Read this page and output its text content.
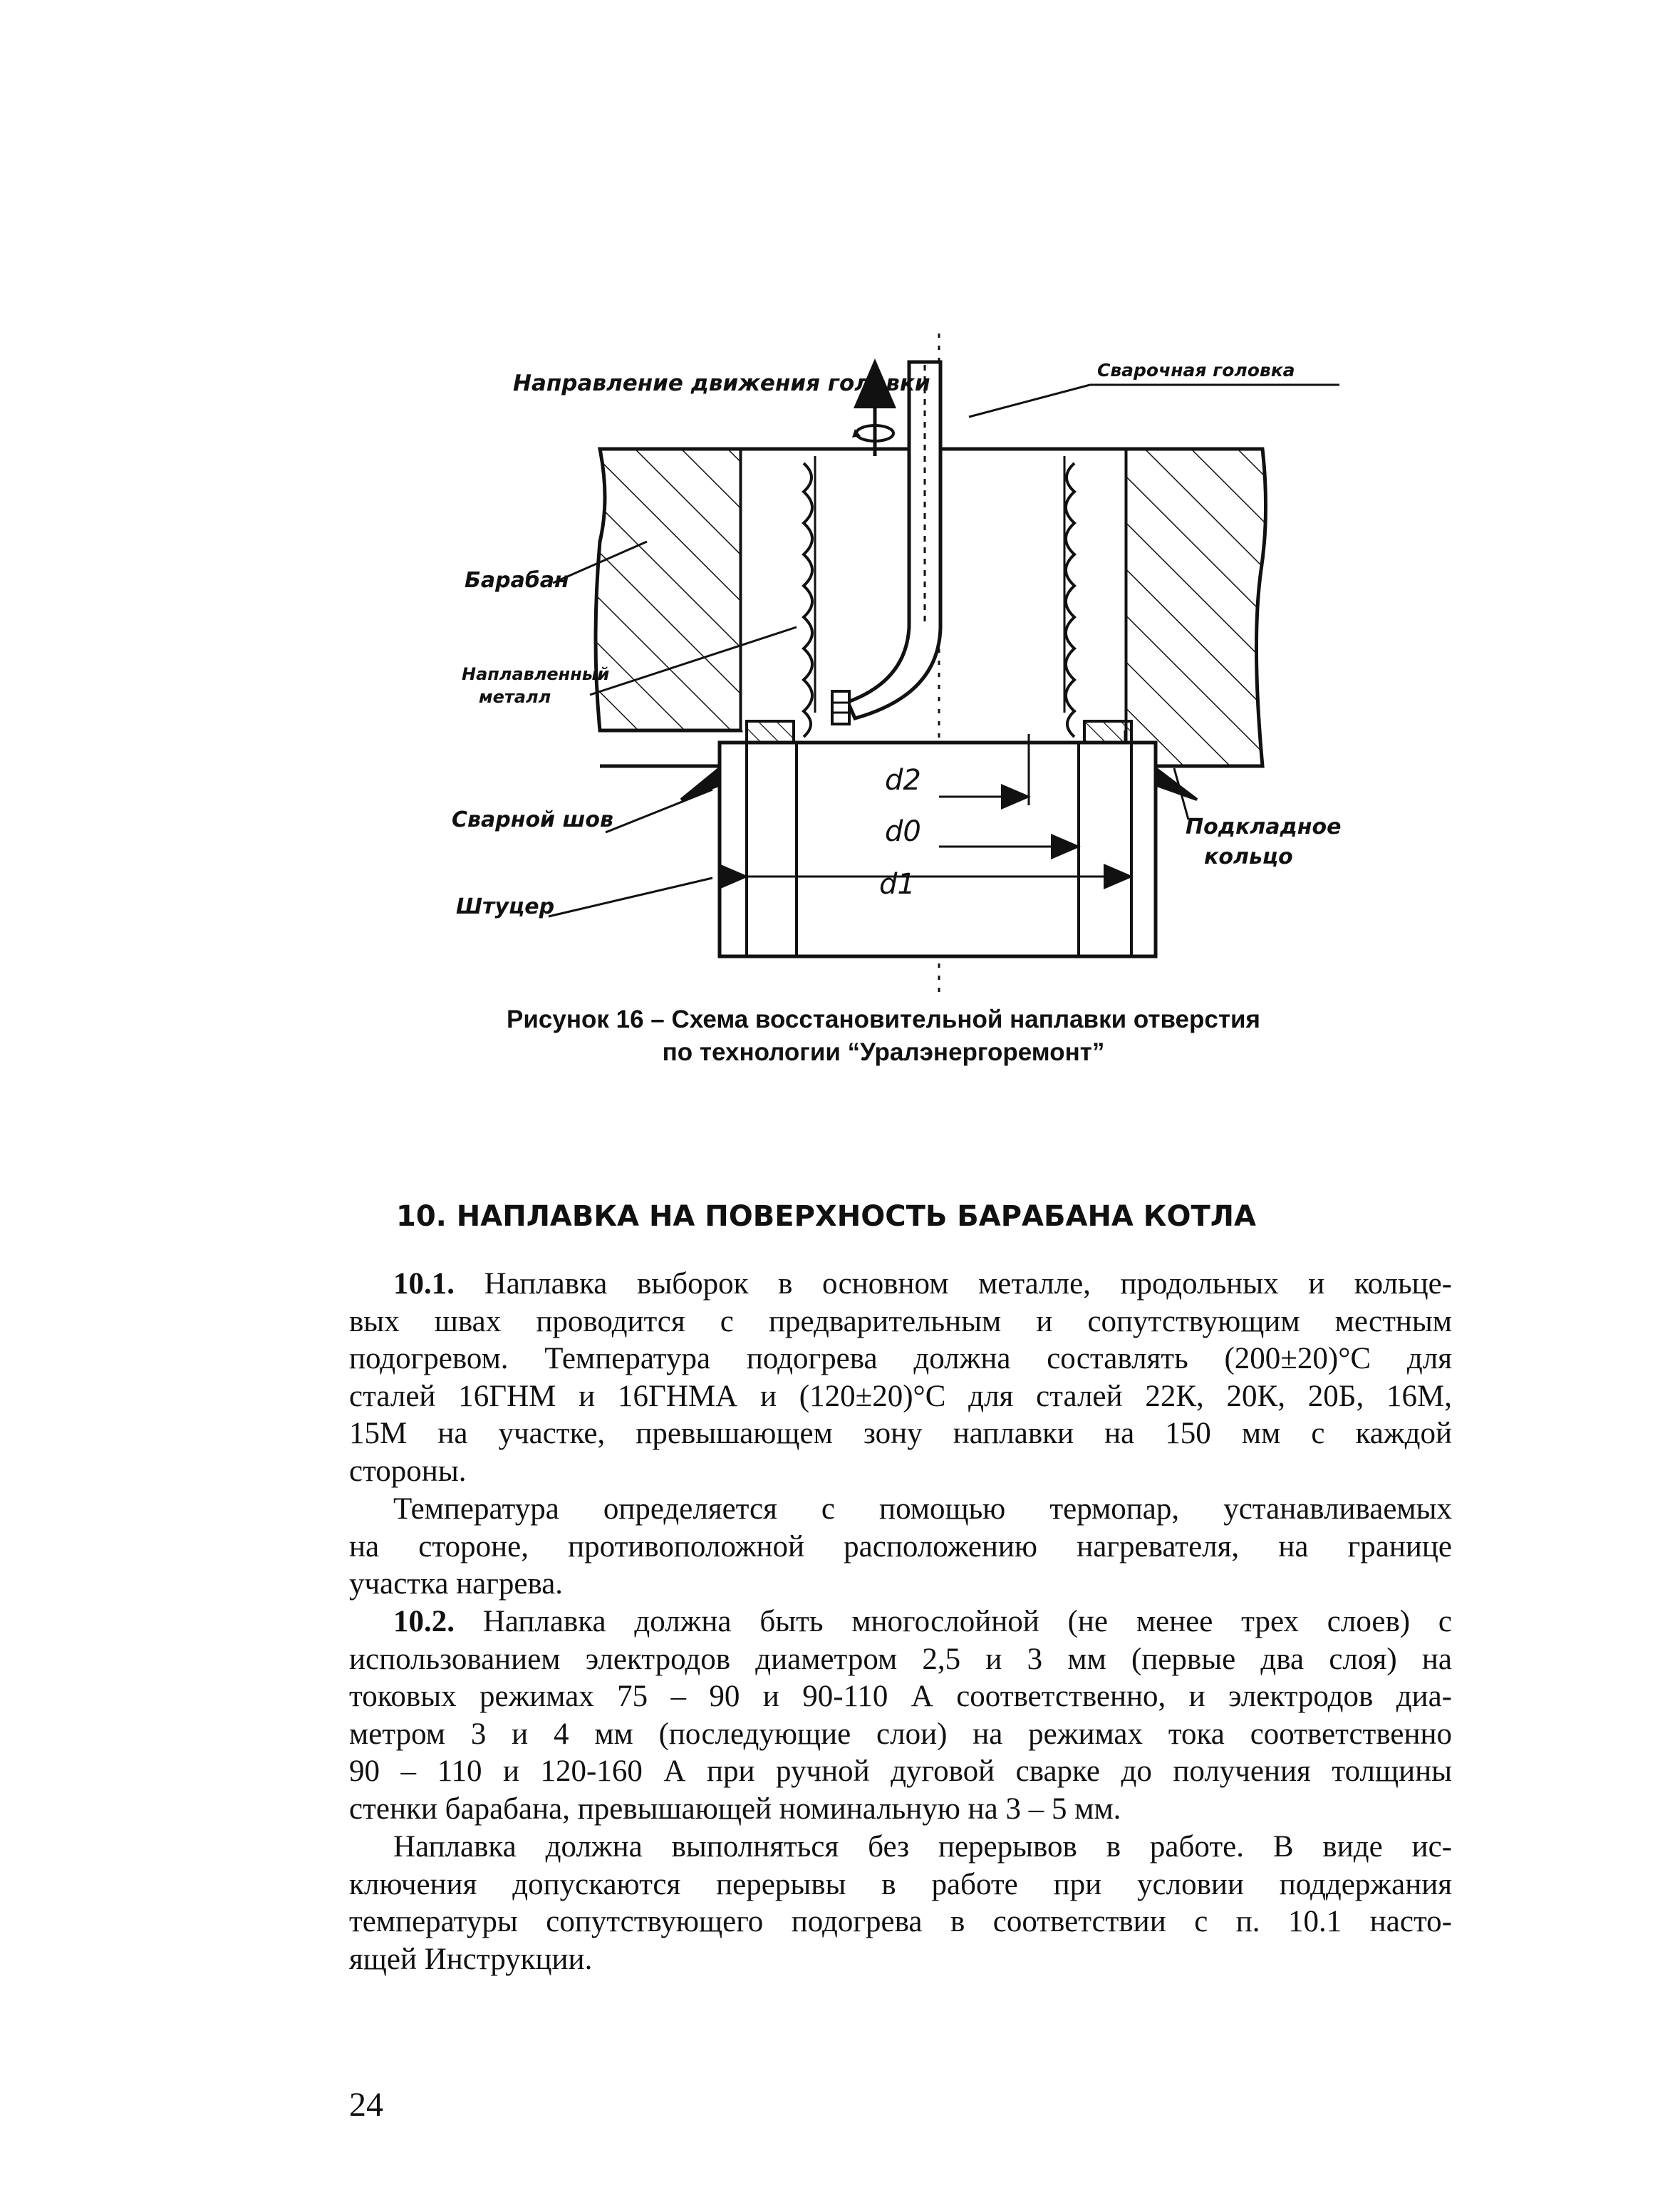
Направление движения головки
Сварочная головка
Барабан
Наплавленный
металл
Сварной шов	Подкладное
кольцо
Штуцер
d2
d0
d1
Рисунок 16 – Схема восстановительной наплавки отверстия
по технологии “Уралэнергоремонт”
10. НАПЛАВКА НА ПОВЕРХНОСТЬ БАРАБАНА КОТЛА

10.1. Наплавка выборок в основном металле, продольных и кольце-
вых швах проводится с предварительным и сопутствующим местным
подогревом. Температура подогрева должна составлять (200±20)°С для
сталей 16ГНМ и 16ГНМА и (120±20)°С для сталей 22К, 20К, 20Б, 16М,
15М на участке, превышающем зону наплавки на 150 мм с каждой
стороны.

Температура определяется с помощью термопар, устанавливаемых
на стороне, противоположной расположению нагревателя, на границе
участка нагрева.

10.2. Наплавка должна быть многослойной (не менее трех слоев) с
использованием электродов диаметром 2,5 и 3 мм (первые два слоя) на
токовых режимах 75 – 90 и 90-110 А соответственно, и электродов диа-
метром 3 и 4 мм (последующие слои) на режимах тока соответственно
90 – 110 и 120-160 А при ручной дуговой сварке до получения толщины
стенки барабана, превышающей номинальную на 3 – 5 мм.

Наплавка должна выполняться без перерывов в работе. В виде ис-
ключения допускаются перерывы в работе при условии поддержания
температуры сопутствующего подогрева в соответствии с п. 10.1 насто-
ящей Инструкции.

24
